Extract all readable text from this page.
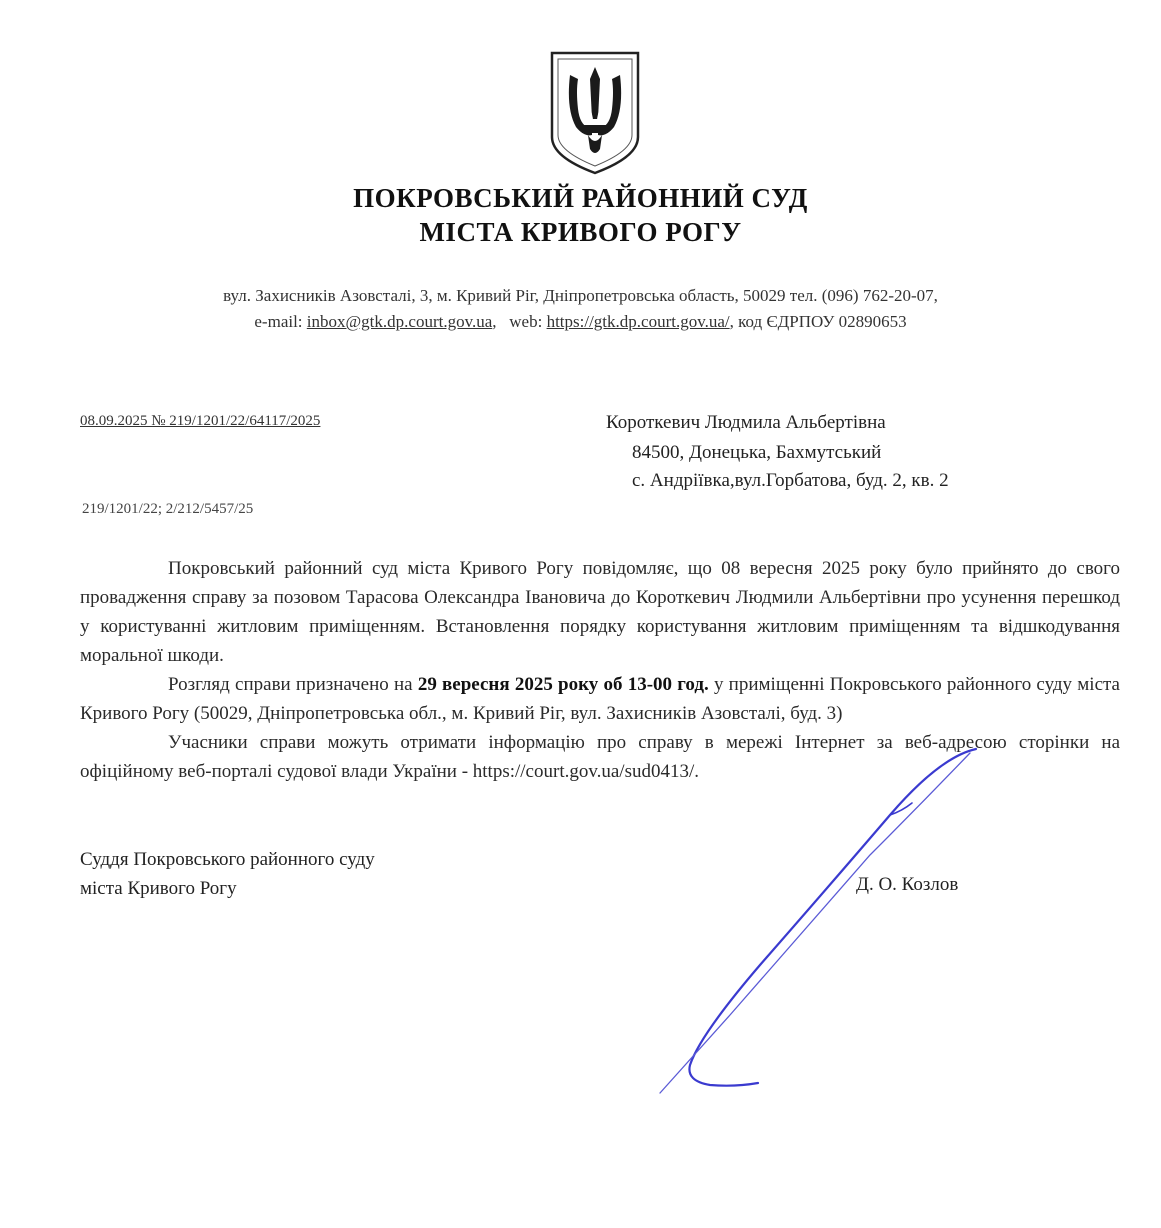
ПОКРОВСЬКИЙ РАЙОННИЙ СУД
МІСТА КРИВОГО РОГУ
вул. Захисників Азовсталі, 3, м. Кривий Ріг, Дніпропетровська область, 50029 тел. (096) 762-20-07,
e-mail: inbox@gtk.dp.court.gov.ua,   web: https://gtk.dp.court.gov.ua/, код ЄДРПОУ 02890653
08.09.2025 № 219/1201/22/64117/2025
219/1201/22; 2/212/5457/25
Короткевич Людмила Альбертівна
84500, Донецька, Бахмутський
с. Андріївка,вул.Горбатова, буд. 2, кв. 2

Покровський районний суд міста Кривого Рогу повідомляє, що 08 вересня 2025 року було прийнято до свого провадження справу за позовом Тарасова Олександра Івановича до Короткевич Людмили Альбертівни про усунення перешкод у користуванні житловим приміщенням. Встановлення порядку користування житловим приміщенням та відшкодування моральної шкоди.

Розгляд справи призначено на 29 вересня 2025 року об 13-00 год. у приміщенні Покровського районного суду міста Кривого Рогу (50029, Дніпропетровська обл., м. Кривий Ріг, вул. Захисників Азовсталі, буд. 3)

Учасники справи можуть отримати інформацію про справу в мережі Інтернет за веб-адресою сторінки на офіційному веб-порталі судової влади України - https://court.gov.ua/sud0413/.

Суддя Покровського районного суду
міста Кривого Рогу	Д. О. Козлов
